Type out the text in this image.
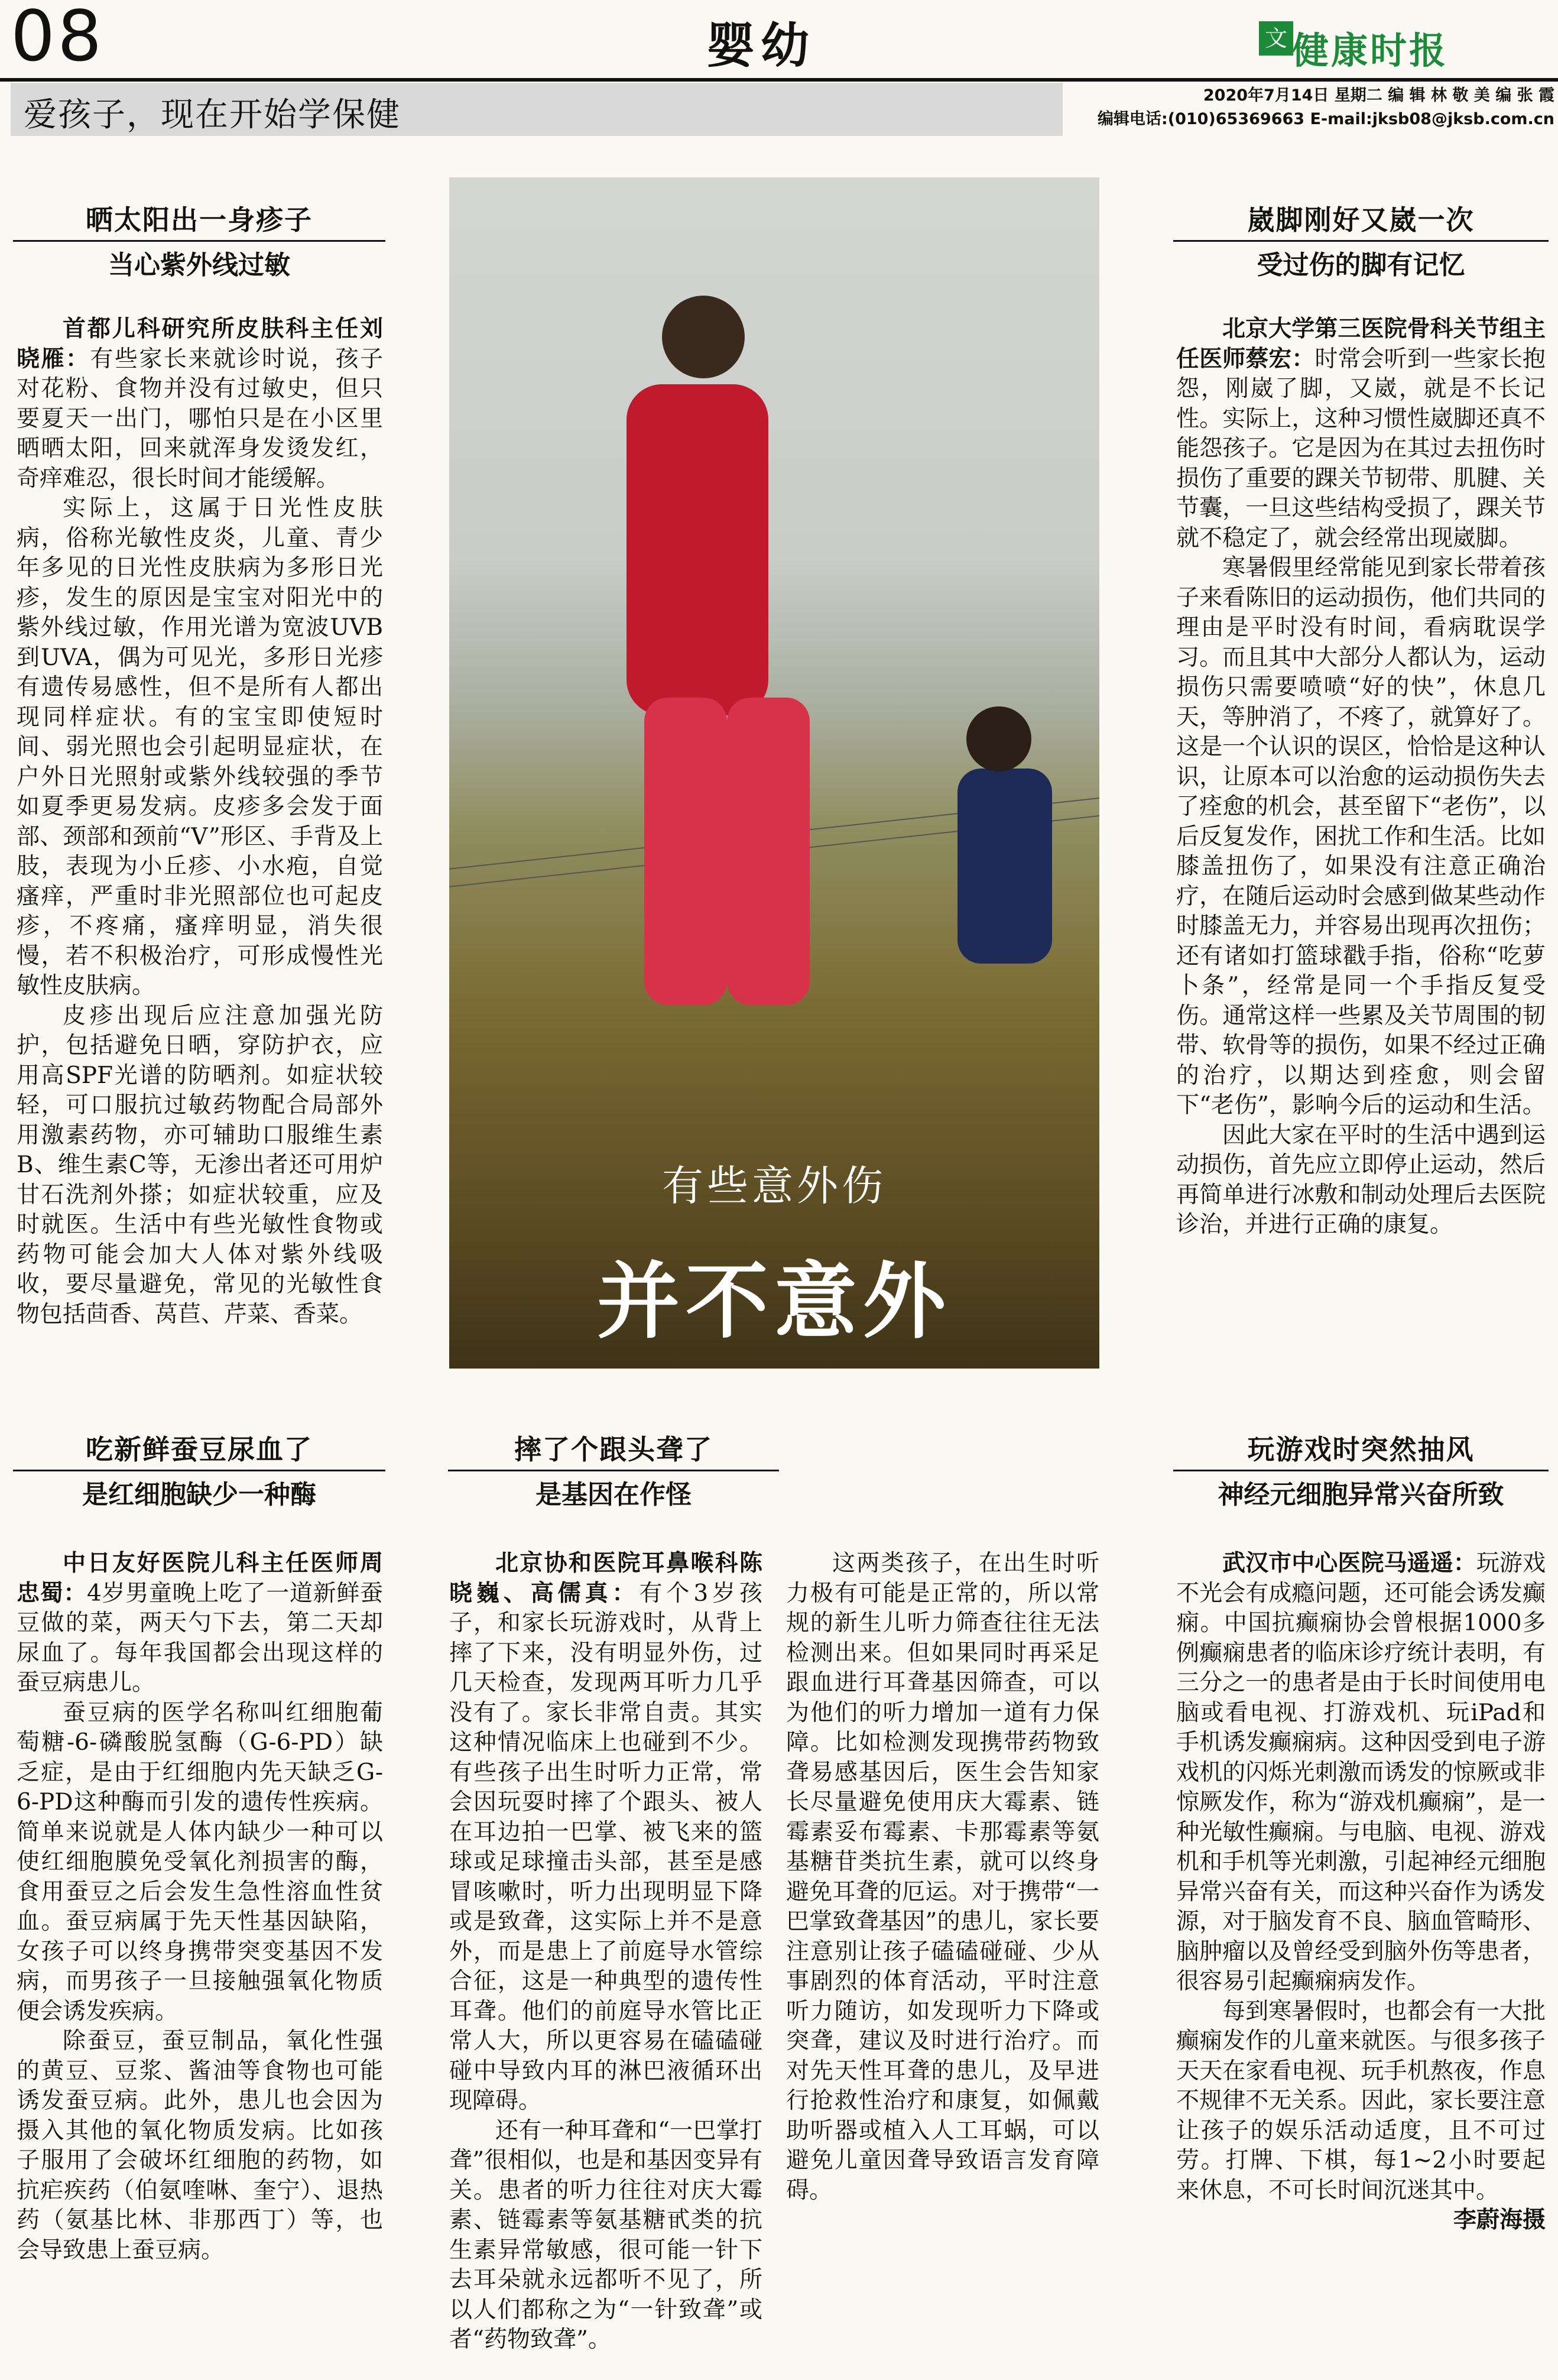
08	婴幼	文 健康时报
爱孩子，现在开始学保健
2020年7月14日 星期二 编 辑 林 敬 美 编 张 霞
编辑电话:(010)65369663 E-mail:jksb08@jksb.com.cn
晒太阳出一身疹子
当心紫外线过敏

首都儿科研究所皮肤科主任刘晓雁：有些家长来就诊时说，孩子对花粉、食物并没有过敏史，但只要夏天一出门，哪怕只是在小区里晒晒太阳，回来就浑身发烫发红，奇痒难忍，很长时间才能缓解。

实际上，这属于日光性皮肤病，俗称光敏性皮炎，儿童、青少年多见的日光性皮肤病为多形日光疹，发生的原因是宝宝对阳光中的紫外线过敏，作用光谱为宽波UVB到UVA，偶为可见光，多形日光疹有遗传易感性，但不是所有人都出现同样症状。有的宝宝即使短时间、弱光照也会引起明显症状，在户外日光照射或紫外线较强的季节如夏季更易发病。皮疹多会发于面部、颈部和颈前“V”形区、手背及上肢，表现为小丘疹、小水疱，自觉瘙痒，严重时非光照部位也可起皮疹，不疼痛，瘙痒明显，消失很慢，若不积极治疗，可形成慢性光敏性皮肤病。

皮疹出现后应注意加强光防护，包括避免日晒，穿防护衣，应用高SPF光谱的防晒剂。如症状较轻，可口服抗过敏药物配合局部外用激素药物，亦可辅助口服维生素B、维生素C等，无渗出者还可用炉甘石洗剂外搽；如症状较重，应及时就医。生活中有些光敏性食物或药物可能会加大人体对紫外线吸收，要尽量避免，常见的光敏性食物包括茴香、莴苣、芹菜、香菜。

有些意外伤
并不意外
崴脚刚好又崴一次
受过伤的脚有记忆

北京大学第三医院骨科关节组主任医师蔡宏：时常会听到一些家长抱怨，刚崴了脚，又崴，就是不长记性。实际上，这种习惯性崴脚还真不能怨孩子。它是因为在其过去扭伤时损伤了重要的踝关节韧带、肌腱、关节囊，一旦这些结构受损了，踝关节就不稳定了，就会经常出现崴脚。

寒暑假里经常能见到家长带着孩子来看陈旧的运动损伤，他们共同的理由是平时没有时间，看病耽误学习。而且其中大部分人都认为，运动损伤只需要喷喷“好的快”，休息几天，等肿消了，不疼了，就算好了。这是一个认识的误区，恰恰是这种认识，让原本可以治愈的运动损伤失去了痊愈的机会，甚至留下“老伤”，以后反复发作，困扰工作和生活。比如膝盖扭伤了，如果没有注意正确治疗，在随后运动时会感到做某些动作时膝盖无力，并容易出现再次扭伤；还有诸如打篮球戳手指，俗称“吃萝卜条”，经常是同一个手指反复受伤。通常这样一些累及关节周围的韧带、软骨等的损伤，如果不经过正确的治疗，以期达到痊愈，则会留下“老伤”，影响今后的运动和生活。

因此大家在平时的生活中遇到运动损伤，首先应立即停止运动，然后再简单进行冰敷和制动处理后去医院诊治，并进行正确的康复。

吃新鲜蚕豆尿血了
是红细胞缺少一种酶

中日友好医院儿科主任医师周忠蜀：4岁男童晚上吃了一道新鲜蚕豆做的菜，两天勺下去，第二天却尿血了。每年我国都会出现这样的蚕豆病患儿。

蚕豆病的医学名称叫红细胞葡萄糖-6-磷酸脱氢酶（G-6-PD）缺乏症，是由于红细胞内先天缺乏G-6-PD这种酶而引发的遗传性疾病。简单来说就是人体内缺少一种可以使红细胞膜免受氧化剂损害的酶，食用蚕豆之后会发生急性溶血性贫血。蚕豆病属于先天性基因缺陷，女孩子可以终身携带突变基因不发病，而男孩子一旦接触强氧化物质便会诱发疾病。

除蚕豆，蚕豆制品，氧化性强的黄豆、豆浆、酱油等食物也可能诱发蚕豆病。此外，患儿也会因为摄入其他的氧化物质发病。比如孩子服用了会破坏红细胞的药物，如抗疟疾药（伯氨喹啉、奎宁）、退热药（氨基比林、非那西丁）等，也会导致患上蚕豆病。

摔了个跟头聋了
是基因在作怪

北京协和医院耳鼻喉科陈晓巍、高儒真：有个3岁孩子，和家长玩游戏时，从背上摔了下来，没有明显外伤，过几天检查，发现两耳听力几乎没有了。家长非常自责。其实这种情况临床上也碰到不少。有些孩子出生时听力正常，常会因玩耍时摔了个跟头、被人在耳边拍一巴掌、被飞来的篮球或足球撞击头部，甚至是感冒咳嗽时，听力出现明显下降或是致聋，这实际上并不是意外，而是患上了前庭导水管综合征，这是一种典型的遗传性耳聋。他们的前庭导水管比正常人大，所以更容易在磕磕碰碰中导致内耳的淋巴液循环出现障碍。

还有一种耳聋和“一巴掌打聋”很相似，也是和基因变异有关。患者的听力往往对庆大霉素、链霉素等氨基糖甙类的抗生素异常敏感，很可能一针下去耳朵就永远都听不见了，所以人们都称之为“一针致聋”或者“药物致聋”。

这两类孩子，在出生时听力极有可能是正常的，所以常规的新生儿听力筛查往往无法检测出来。但如果同时再采足跟血进行耳聋基因筛查，可以为他们的听力增加一道有力保障。比如检测发现携带药物致聋易感基因后，医生会告知家长尽量避免使用庆大霉素、链霉素妥布霉素、卡那霉素等氨基糖苷类抗生素，就可以终身避免耳聋的厄运。对于携带“一巴掌致聋基因”的患儿，家长要注意别让孩子磕磕碰碰、少从事剧烈的体育活动，平时注意听力随访，如发现听力下降或突聋，建议及时进行治疗。而对先天性耳聋的患儿，及早进行抢救性治疗和康复，如佩戴助听器或植入人工耳蜗，可以避免儿童因聋导致语言发育障碍。

玩游戏时突然抽风
神经元细胞异常兴奋所致

武汉市中心医院马遥遥：玩游戏不光会有成瘾问题，还可能会诱发癫痫。中国抗癫痫协会曾根据1000多例癫痫患者的临床诊疗统计表明，有三分之一的患者是由于长时间使用电脑或看电视、打游戏机、玩iPad和手机诱发癫痫病。这种因受到电子游戏机的闪烁光刺激而诱发的惊厥或非惊厥发作，称为“游戏机癫痫”，是一种光敏性癫痫。与电脑、电视、游戏机和手机等光刺激，引起神经元细胞异常兴奋有关，而这种兴奋作为诱发源，对于脑发育不良、脑血管畸形、脑肿瘤以及曾经受到脑外伤等患者，很容易引起癫痫病发作。

每到寒暑假时，也都会有一大批癫痫发作的儿童来就医。与很多孩子天天在家看电视、玩手机熬夜，作息不规律不无关系。因此，家长要注意让孩子的娱乐活动适度，且不可过劳。打牌、下棋，每1~2小时要起来休息，不可长时间沉迷其中。
李蔚海摄
